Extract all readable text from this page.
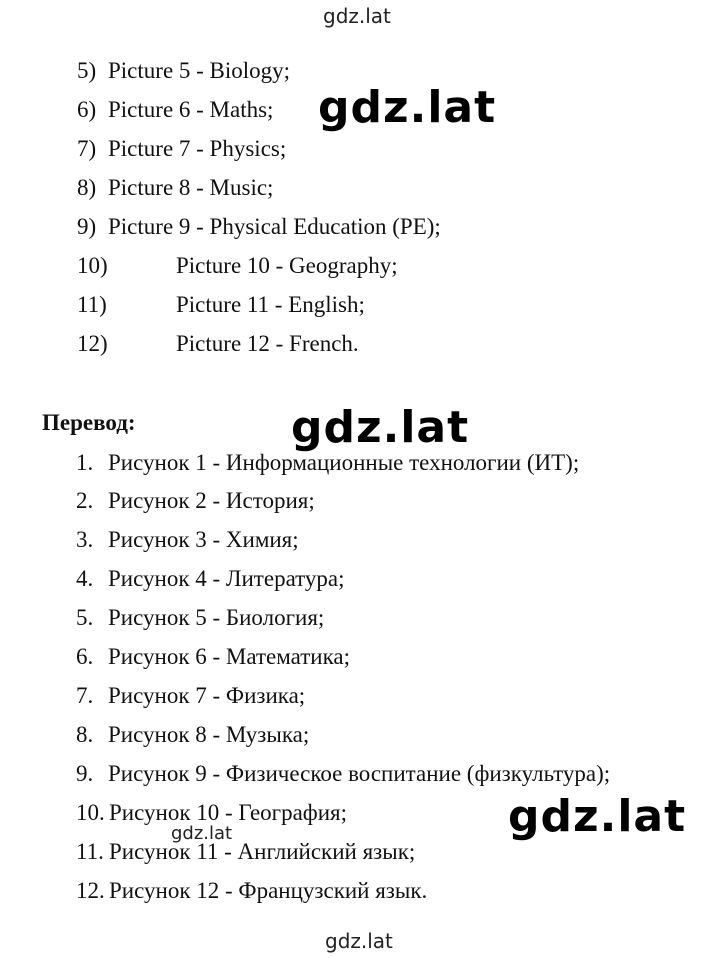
gdz.lat
5) Picture 5 - Biology;
6) Picture 6 - Maths;
7) Picture 7 - Physics;
8) Picture 8 - Music;
9) Picture 9 - Physical Education (PE);
10)	Picture 10 - Geography;
11)	Picture 11 - English;
12)	Picture 12 - French.
gdz.lat
Перевод:	gdz.lat
1. Рисунок 1 - Информационные технологии (ИТ);
2. Рисунок 2 - История;
3. Рисунок 3 - Химия;
4. Рисунок 4 - Литература;
5. Рисунок 5 - Биология;
6. Рисунок 6 - Математика;
7. Рисунок 7 - Физика;
8. Рисунок 8 - Музыка;
9. Рисунок 9 - Физическое воспитание (физкультура);
10. Рисунок 10 - География;
11. Рисунок 11 - Английский язык;
12. Рисунок 12 - Французский язык.
gdz.lat	gdz.lat
gdz.lat
